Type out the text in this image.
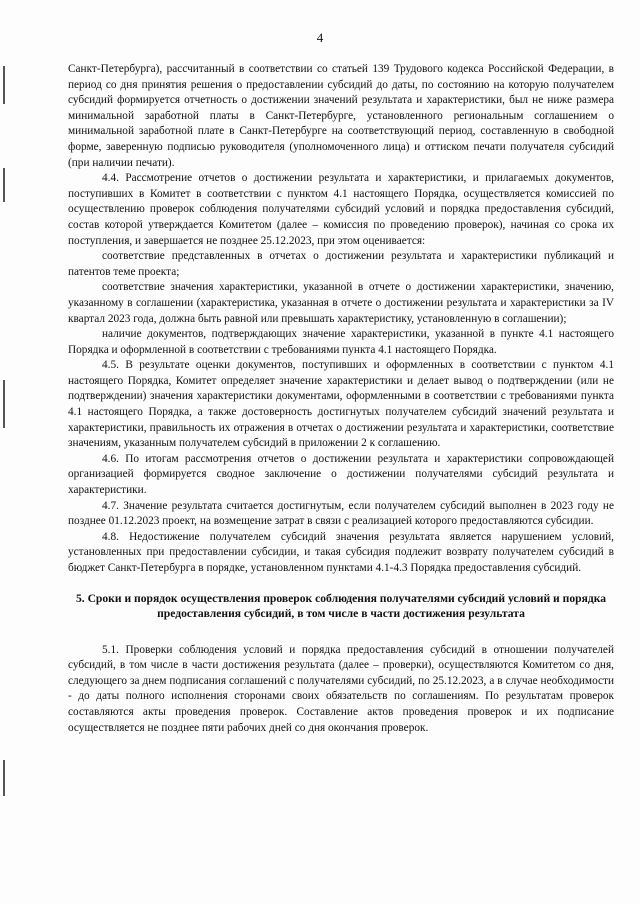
4

Санкт-Петербурга), рассчитанный в соответствии со статьей 139 Трудового кодекса Российской Федерации, в период со дня принятия решения о предоставлении субсидий до даты, по состоянию на которую получателем субсидий формируется отчетность о достижении значений результата и характеристики, был не ниже размера минимальной заработной платы в Санкт-Петербурге, установленного региональным соглашением о минимальной заработной плате в Санкт-Петербурге на соответствующий период, составленную в свободной форме, заверенную подписью руководителя (уполномоченного лица) и оттиском печати получателя субсидий (при наличии печати).

4.4. Рассмотрение отчетов о достижении результата и характеристики, и прилагаемых документов, поступивших в Комитет в соответствии с пунктом 4.1 настоящего Порядка, осуществляется комиссией по осуществлению проверок соблюдения получателями субсидий условий и порядка предоставления субсидий, состав которой утверждается Комитетом (далее – комиссия по проведению проверок), начиная со срока их поступления, и завершается не позднее 25.12.2023, при этом оценивается:

соответствие представленных в отчетах о достижении результата и характеристики публикаций и патентов теме проекта;

соответствие значения характеристики, указанной в отчете о достижении характеристики, значению, указанному в соглашении (характеристика, указанная в отчете о достижении результата и характеристики за IV квартал 2023 года, должна быть равной или превышать характеристику, установленную в соглашении);

наличие документов, подтверждающих значение характеристики, указанной в пункте 4.1 настоящего Порядка и оформленной в соответствии с требованиями пункта 4.1 настоящего Порядка.

4.5. В результате оценки документов, поступивших и оформленных в соответствии с пунктом 4.1 настоящего Порядка, Комитет определяет значение характеристики и делает вывод о подтверждении (или не подтверждении) значения характеристики документами, оформленными в соответствии с требованиями пункта 4.1 настоящего Порядка, а также достоверность достигнутых получателем субсидий значений результата и характеристики, правильность их отражения в отчетах о достижении результата и характеристики, соответствие значениям, указанным получателем субсидий в приложении 2 к соглашению.

4.6. По итогам рассмотрения отчетов о достижении результата и характеристики сопровождающей организацией формируется сводное заключение о достижении получателями субсидий результата и характеристики.

4.7. Значение результата считается достигнутым, если получателем субсидий выполнен в 2023 году не позднее 01.12.2023 проект, на возмещение затрат в связи с реализацией которого предоставляются субсидии.

4.8. Недостижение получателем субсидий значения результата является нарушением условий, установленных при предоставлении субсидии, и такая субсидия подлежит возврату получателем субсидий в бюджет Санкт-Петербурга в порядке, установленном пунктами 4.1-4.3 Порядка предоставления субсидий.

5. Сроки и порядок осуществления проверок соблюдения получателями субсидий условий и порядка предоставления субсидий, в том числе в части достижения результата

5.1. Проверки соблюдения условий и порядка предоставления субсидий в отношении получателей субсидий, в том числе в части достижения результата (далее – проверки), осуществляются Комитетом со дня, следующего за днем подписания соглашений с получателями субсидий, по 25.12.2023, а в случае необходимости - до даты полного исполнения сторонами своих обязательств по соглашениям. По результатам проверок составляются акты проведения проверок. Составление актов проведения проверок и их подписание осуществляется не позднее пяти рабочих дней со дня окончания проверок.
